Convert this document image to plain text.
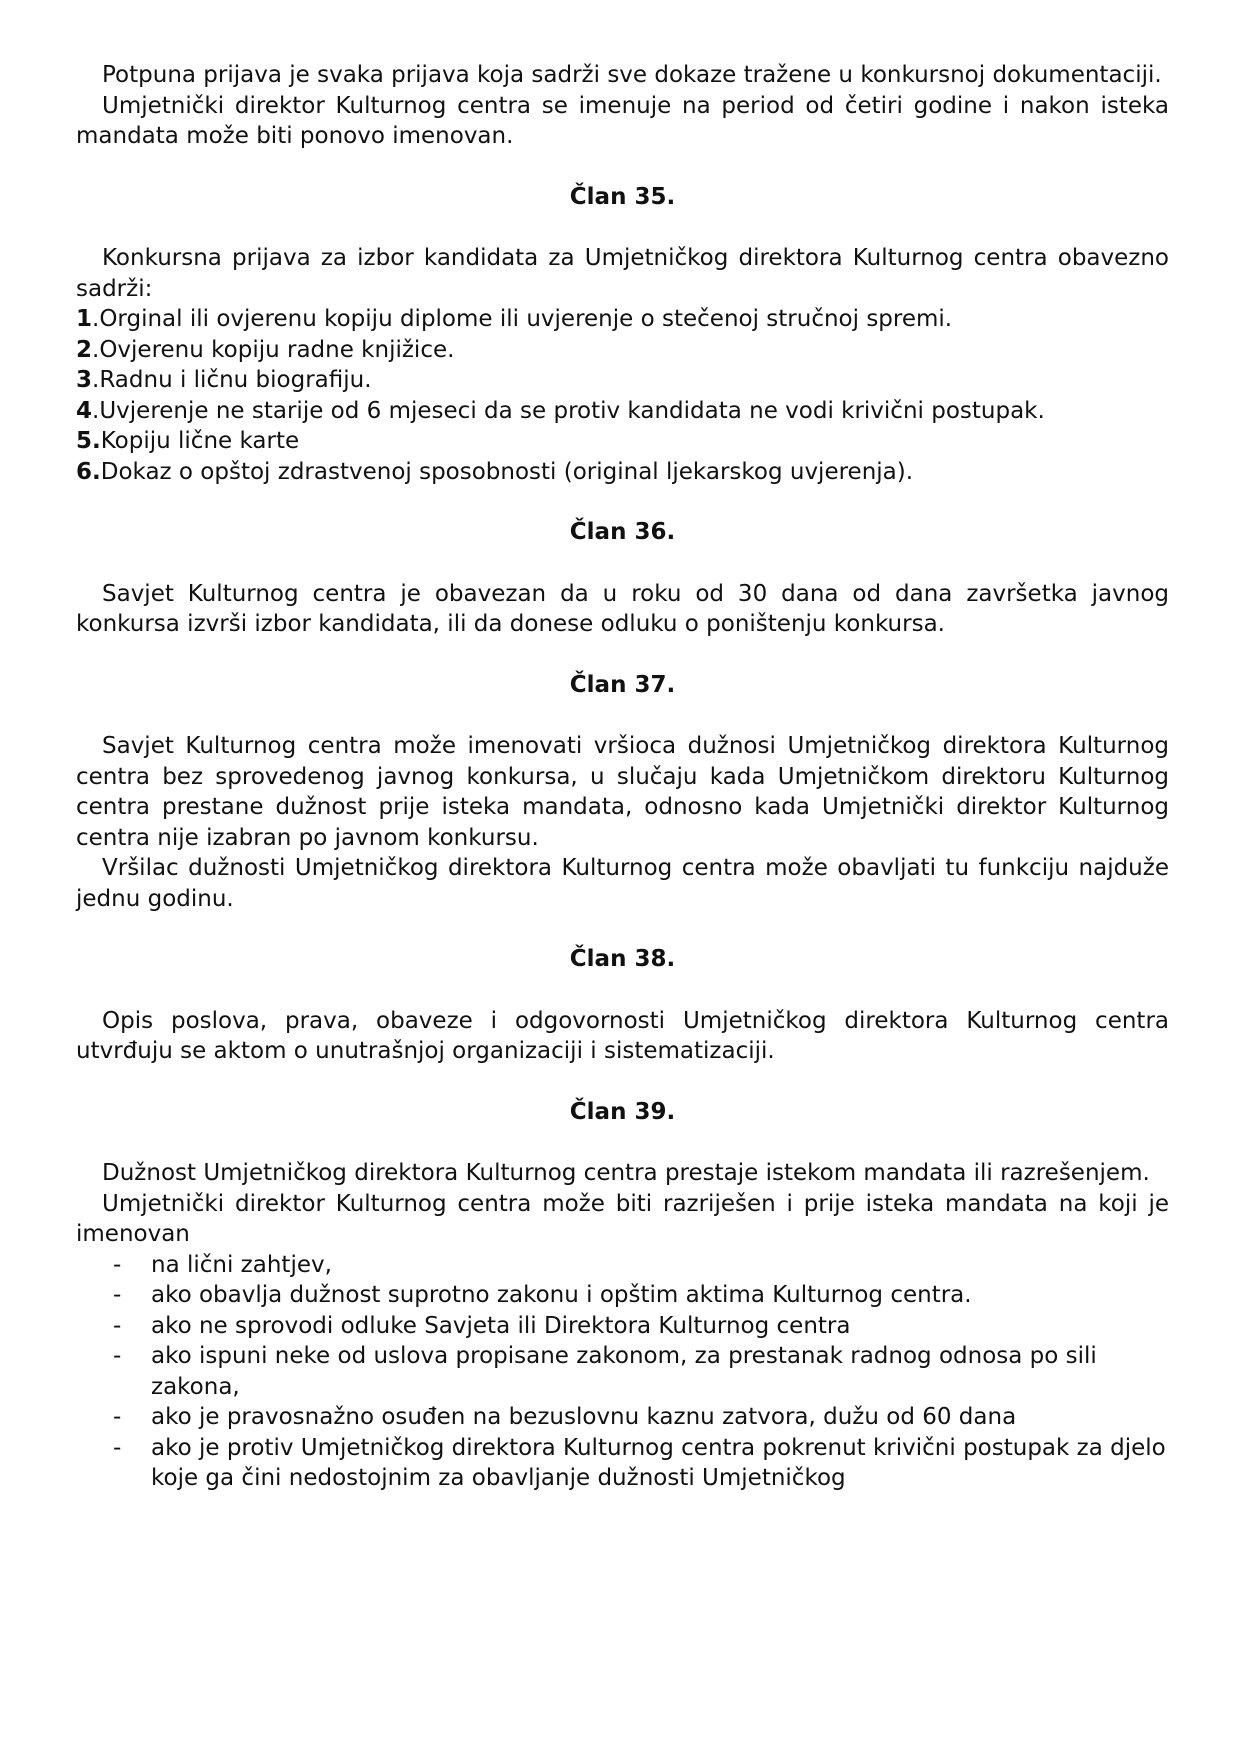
Potpuna prijava je svaka prijava koja sadrži sve dokaze tražene u konkursnoj dokumentaciji.

Umjetnički direktor Kulturnog centra se imenuje na period od četiri godine i nakon isteka mandata može biti ponovo imenovan.

Član 35.

Konkursna prijava za izbor kandidata za Umjetničkog direktora Kulturnog centra obavezno sadrži:

1.Orginal ili ovjerenu kopiju diplome ili uvjerenje o stečenoj stručnoj spremi.

2.Ovjerenu kopiju radne knjižice.

3.Radnu i ličnu biografiju.

4.Uvjerenje ne starije od 6 mjeseci da se protiv kandidata ne vodi krivični postupak.

5.Kopiju lične karte

6.Dokaz o opštoj zdrastvenoj sposobnosti (original ljekarskog uvjerenja).

Član 36.

Savjet Kulturnog centra je obavezan da u roku od 30 dana od dana završetka javnog konkursa izvrši izbor kandidata, ili da donese odluku o poništenju konkursa.

Član 37.

Savjet Kulturnog centra može imenovati vršioca dužnosi Umjetničkog direktora Kulturnog centra bez sprovedenog javnog konkursa, u slučaju kada Umjetničkom direktoru Kulturnog centra prestane dužnost prije isteka mandata, odnosno kada Umjetnički direktor Kulturnog centra nije izabran po javnom konkursu.

Vršilac dužnosti Umjetničkog direktora Kulturnog centra može obavljati tu funkciju najduže jednu godinu.

Član 38.

Opis poslova, prava, obaveze i odgovornosti Umjetničkog direktora Kulturnog centra utvrđuju se aktom o unutrašnjoj organizaciji i sistematizaciji.

Član 39.

Dužnost Umjetničkog direktora Kulturnog centra prestaje istekom mandata ili razrešenjem.

Umjetnički direktor Kulturnog centra može biti razriješen i prije isteka mandata na koji je imenovan

- na lični zahtjev,
- ako obavlja dužnost suprotno zakonu i opštim aktima Kulturnog centra.
- ako ne sprovodi odluke Savjeta ili Direktora Kulturnog centra
- ako ispuni neke od uslova propisane zakonom, za prestanak radnog odnosa po sili zakona,
- ako je pravosnažno osuđen na bezuslovnu kaznu zatvora, dužu od 60 dana
- ako je protiv Umjetničkog direktora Kulturnog centra pokrenut krivični postupak za djelo koje ga čini nedostojnim za obavljanje dužnosti Umjetničkog
